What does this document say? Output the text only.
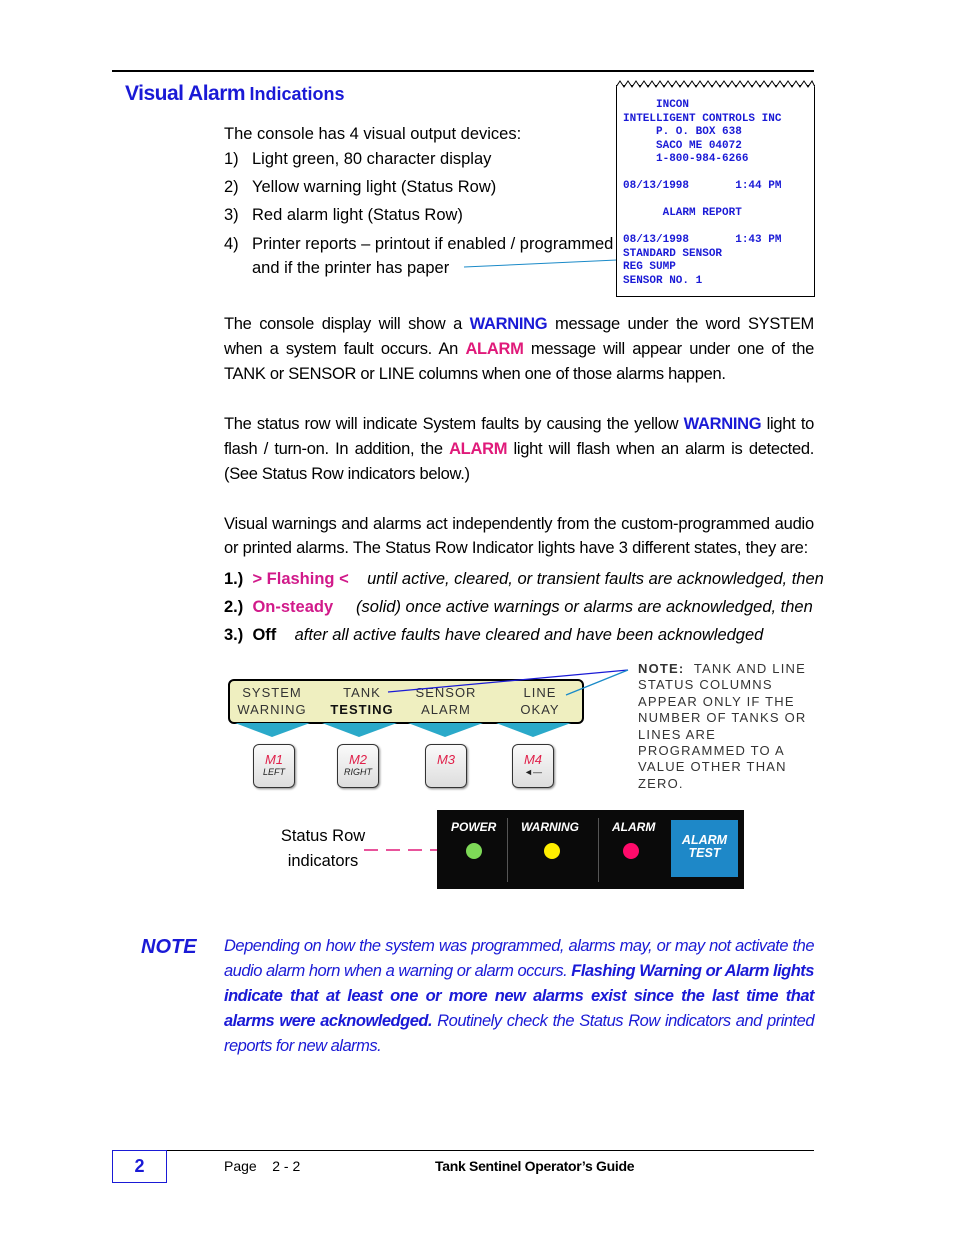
Visual Alarm Indications
The console has 4 visual output devices:
1) Light green, 80 character display
2) Yellow warning light (Status Row)
3) Red alarm light (Status Row)
4) Printer reports – printout if enabled / programmed
and if the printer has paper
INCON
INTELLIGENT CONTROLS INC
P. O. BOX 638
SACO ME 04072
1-800-984-6266
08/13/1998       1:44 PM
ALARM REPORT
08/13/1998       1:43 PM
STANDARD SENSOR
REG SUMP
SENSOR NO. 1
The console display will show a WARNING message under the word SYSTEM when a system fault occurs. An ALARM message will appear under one of the TANK or SENSOR or LINE columns when one of those alarms happen.
The status row will indicate System faults by causing the yellow WARNING light to flash / turn-on. In addition, the ALARM light will flash when an alarm is detected. (See Status Row indicators below.)
Visual warnings and alarms act independently from the custom-programmed audio or printed alarms. The Status Row Indicator lights have 3 different states, they are:
1.) > Flashing < until active, cleared, or transient faults are acknowledged, then
2.) On-steady (solid) once active warnings or alarms are acknowledged, then
3.) Off after all active faults have cleared and have been acknowledged
SYSTEM
WARNING
TANK
TESTING
SENSOR
ALARM
LINE
OKAY
M1
LEFT
M2
RIGHT
M3	M4
◄—
NOTE: TANK AND LINE STATUS COLUMNS APPEAR ONLY IF THE NUMBER OF TANKS OR LINES ARE PROGRAMMED TO A VALUE OTHER THAN ZERO.
Status Row
indicators
POWER WARNING	ALARM
ALARM
TEST
NOTE Depending on how the system was programmed, alarms may, or may not activate the audio alarm horn when a warning or alarm occurs. Flashing Warning or Alarm lights indicate that at least one or more new alarms exist since the last time that alarms were acknowledged. Routinely check the Status Row indicators and printed reports for new alarms.
2	Page    2 - 2	Tank Sentinel Operator’s Guide
